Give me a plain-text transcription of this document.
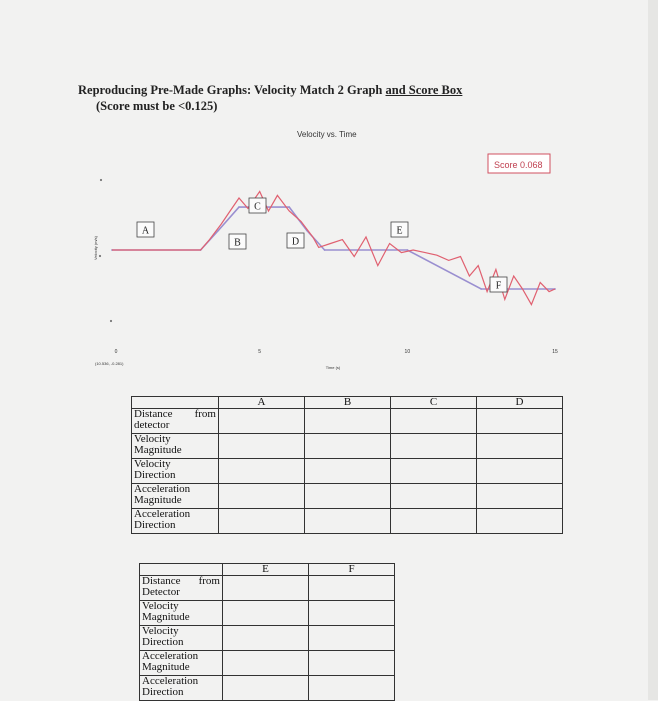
Reproducing Pre-Made Graphs: Velocity Match 2 Graph and Score Box
(Score must be <0.125)
Velocity vs. Time
Score 0.068
Velocity (m/s)
0	5	10	15
Time (s)
(10.536, -0.281)
A
B
C
D
E
F
	A	B	C	D

Distance from
detector				

Velocity
Magnitude				

Velocity
Direction				

Acceleration
Magnitude				

Acceleration
Direction				

	E	F

Distance from
Detector		

Velocity
Magnitude		

Velocity
Direction		

Acceleration
Magnitude		

Acceleration
Direction		
